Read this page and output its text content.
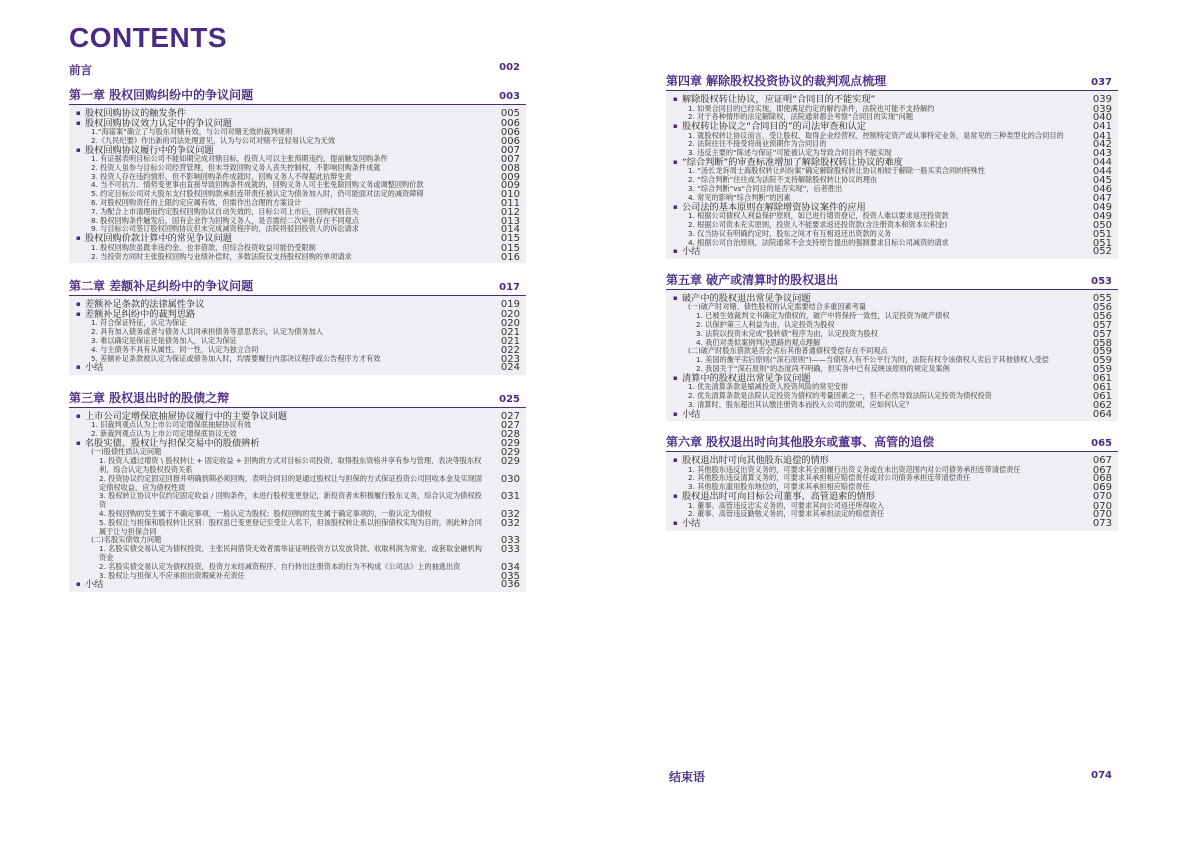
CONTENTS
前言	002
第一章 股权回购纠纷中的争议问题	003
▪ 股权回购协议的触发条件	005
▪ 股权回购协议效力认定中的争议问题	006
1.“海富案”确立了与股东对赌有效，与公司对赌无效的裁判规则	006
2.《九民纪要》作出新的司法处理意见，认为与公司对赌不宜轻易认定为无效	006
▪ 股权回购协议履行中的争议问题	007
1. 有证据表明目标公司不能如期完成对赌目标，投资人可以主张预期违约，提前触发回购条件	007
2. 投资人虽参与目标公司经营管理，但未导致回购义务人丧失控制权，不影响回购条件成就	008
3. 投资人存在违约情形，但不影响回购条件成就时，回购义务人不得据此抗辩免责	009
4. 当不可抗力、情势变更事由直接导致回购条件成就的，回购义务人可主张免除回购义务或调整回购价款	009
5. 约定目标公司对大股东支付股权回购款承担连带责任被认定为债务加入时，仍可能面对法定的减资障碍	010
6. 对股权回购责任的上限约定应属有效，但需作出合理的方案设计	011
7. 为配合上市清理而约定股权回购协议自动失效的，目标公司上市后，回购权则丧失	012
8. 股权回购条件触发后，国有企业作为回购义务人，是否需经二次审批存在不同观点	013
9. 与目标公司签订股权回购协议但未完成减资程序的，法院将驳回投资人的诉讼请求	014
▪ 股权回购价款计算中的常见争议问题	015
1. 股权回购款虽既非违约金、也非借款，但综合投资收益可能仍受限制	015
2. 当投资方同时主张股权回购与业绩补偿时，多数法院仅支持股权回购的单项请求	016
第二章 差额补足纠纷中的争议问题	017
▪ 差额补足条款的法律属性争议	019
▪ 差额补足纠纷中的裁判思路	020
1. 符合保证特征，认定为保证	020
2. 具有加入债务或者与债务人共同承担债务等意思表示，认定为债务加入	021
3. 难以确定是保证还是债务加入，认定为保证	021
4. 与主债务不具有从属性、同一性，认定为独立合同	022
5. 差额补足条款被认定为保证或债务加入时，均需要履行内部决议程序或公告程序方才有效	023
▪ 小结	024
第三章 股权退出时的股债之辩	025
▪ 上市公司定增保底抽屉协议履行中的主要争议问题	027
1. 旧裁判观点认为上市公司定增保底抽屉协议有效	027
2. 新裁判观点认为上市公司定增保底协议无效	028
▪ 名股实债、股权让与担保交易中的股债辨析	029
(一)股债性质认定问题	029
1. 投资人通过增资 \ 股权转让 + 固定收益 + 回购的方式对目标公司投资，取得股东资格并享有参与管理、表决等股东权利，综合认定为股权投资关系
029
2. 投资协议约定固定回报并明确到期必须回购，表明合同目的是通过股权让与担保的方式保证投资公司回收本金及实现固定债权收益，应为债权性质
030
3. 股权转让协议中仅约定固定收益 / 回购条件，未进行股权变更登记，新投资者未积极履行股东义务，综合认定为债权投资
031
4. 股权回购的发生属于不确定事项，一般认定为股权；股权回购的发生属于确定事项的，一般认定为债权	032
5. 股权让与担保和股权转让区别：股权虽已变更登记至受让人名下，但该股权转让系以担保债权实现为目的，则此种合同属于让与担保合同
032
(二)名股实债效力问题	033
1. 名股实债交易认定为债权投资，主张民间借贷无效者需举证证明投资方以发放贷款、收取利润为常业，或套取金融机构资金
033
2. 名股实债交易认定为债权投资，投资方未经减资程序、自行转出注册资本的行为不构成《公司法》上的抽逃出资	034
3. 股权让与担保人不应承担出资瑕疵补充责任	035
▪ 小结	036
第四章 解除股权投资协议的裁判观点梳理	037
▪ 解除股权转让协议，应证明“合同目的不能实现”	039
1. 如果合同目的已经实现，即使满足约定的解约条件，法院也可能不支持解约	039
2. 对于各种情形的法定解除权，法院通常都会考察“合同目的实现”问题	040
▪ 股权转让协议之“合同目的”的司法审查和认定	041
1. 就股权转让协议而言，受让股权、取得企业经营权、控制特定资产或从事特定业务，是常见的三种类型化的合同目的	041
2. 法院往往不接受将商业预期作为合同目的	042
3. 违反主要的“陈述与保证”可能被认定为导致合同目的不能实现	043
▪ “综合判断”的审查标准增加了解除股权转让协议的难度	044
1. “汤长龙诉周士海股权转让纠纷案”确定解除股权转让协议相较于解除一般买卖合同的特殊性	044
2. “综合判断”往往成为法院不支持解除股权转让协议的理由	045
3. “综合判断”vs“合同目的是否实现”，后者胜出	046
4. 常见的影响“综合判断”的因素	047
▪ 公司法的基本原则在解除增资协议案件的应用	049
1. 根据公司债权人利益保护原则，如已进行增资登记，投资人难以要求返还投资款	049
2. 根据公司资本充实原则，投资人不能要求返还投资款(含注册资本和资本公积金)	050
3. 仅当协议有明确约定时，股东之间才有互相返还出资款的义务	051
4. 根据公司自治原则，法院通常不会支持原告提出的强制要求目标公司减资的请求	051
▪ 小结	052
第五章 破产或清算时的股权退出	053
▪ 破产中的股权退出常见争议问题	055
(一)破产时对赌、债性股权的认定需要结合多重因素考量	056
1. 已被生效裁判文书确定为债权的，破产中将保持一致性，认定投资为破产债权	056
2. 以保护第三人利益为由，认定投资为股权	057
3. 法院以投资未完成“股转债”程序为由，认定投资为股权	057
4. 我们对类似案例判决思路的观点理解	058
(二)破产时股东借款是否会劣后其他普通债权受偿存在不同观点	059
1. 美国的衡平劣后原则(“深石原则”)——当债权人有不公平行为时，法院有权令该债权人劣后于其他债权人受偿	059
2. 我国关于“深石原则”的态度尚不明确，但实务中已有反映该原则的规定及案例	059
▪ 清算中的股权退出常见争议问题	061
1. 优先清算条款是缩减投资人投资风险的常见安排	061
2. 优先清算条款是法院认定投资为债权的考量因素之一，但不必然导致法院认定投资为债权投资	061
3. 清算时，股东超出其认缴注册资本而投入公司的款项，应如何认定？	062
▪ 小结	064
第六章 股权退出时向其他股东或董事、高管的追偿	065
▪ 股权退出时可向其他股东追偿的情形	067
1. 其他股东违反出资义务的，可要求其全面履行出资义务或在未出资范围内对公司债务承担连带清偿责任	067
2. 其他股东违反清算义务的，可要求其承担相应赔偿责任或对公司债务承担连带清偿责任	068
3. 其他股东滥用股东地位的，可要求其承担相应赔偿责任	069
▪ 股权退出时可向目标公司董事、高管追索的情形	070
1. 董事、高管违反忠实义务的，可要求其向公司返还所得收入	070
2. 董事、高管违反勤勉义务的，可要求其承担法定的赔偿责任	070
▪ 小结	073
结束语	074
